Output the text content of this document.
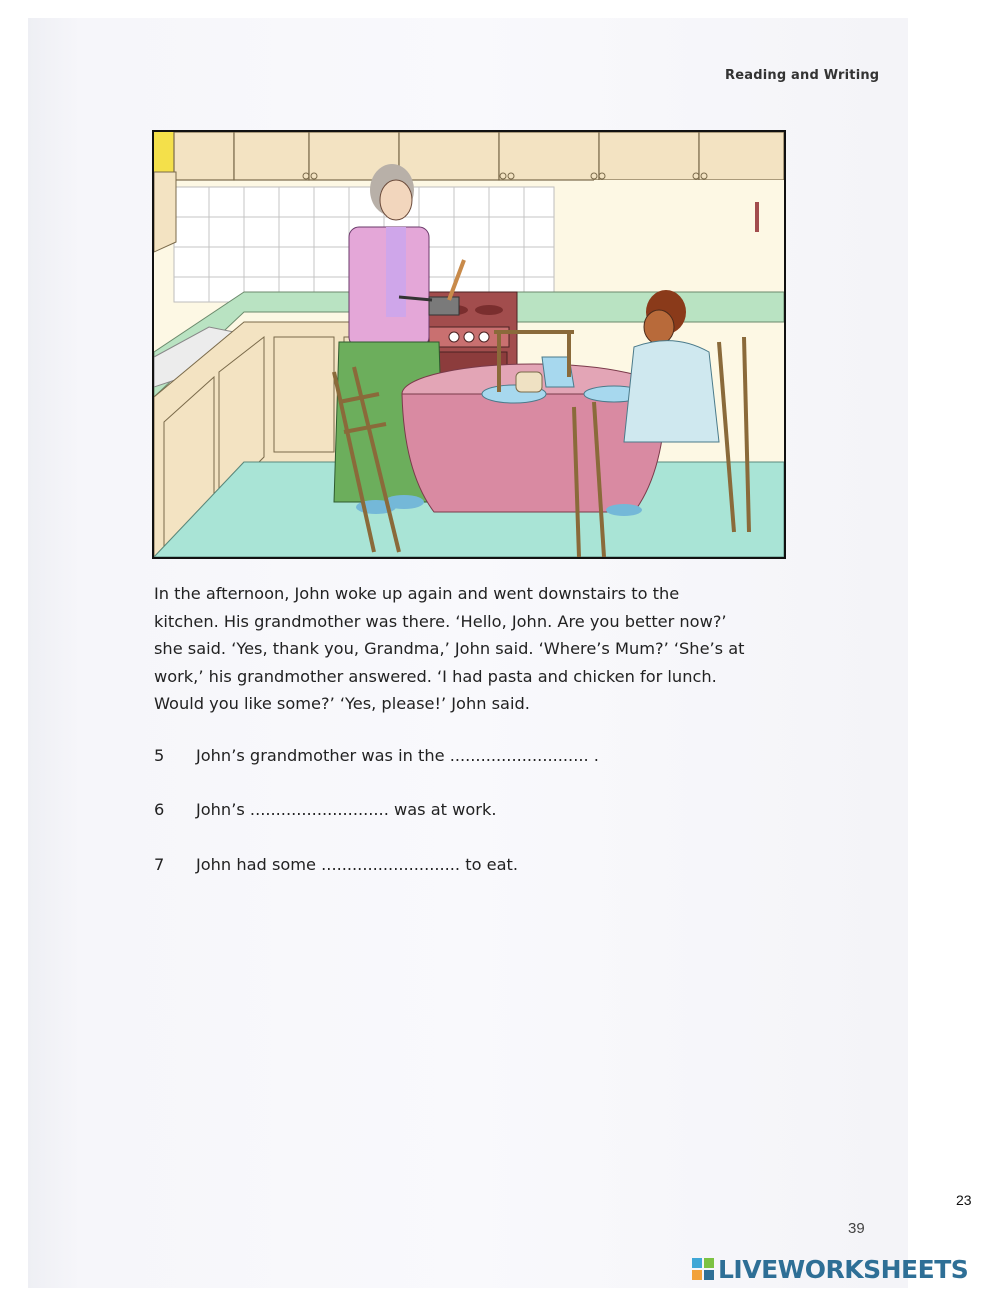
Reading and Writing
In the afternoon, John woke up again and went downstairs to the
kitchen. His grandmother was there. ‘Hello, John. Are you better now?’
she said. ‘Yes, thank you, Grandma,’ John said. ‘Where’s Mum?’ ‘She’s at
work,’ his grandmother answered. ‘I had pasta and chicken for lunch.
Would you like some?’ ‘Yes, please!’ John said.
5 John’s grandmother was in the ........................... .
6 John’s ........................... was at work.
7 John had some ........................... to eat.
23
39
LIVEWORKSHEETS
